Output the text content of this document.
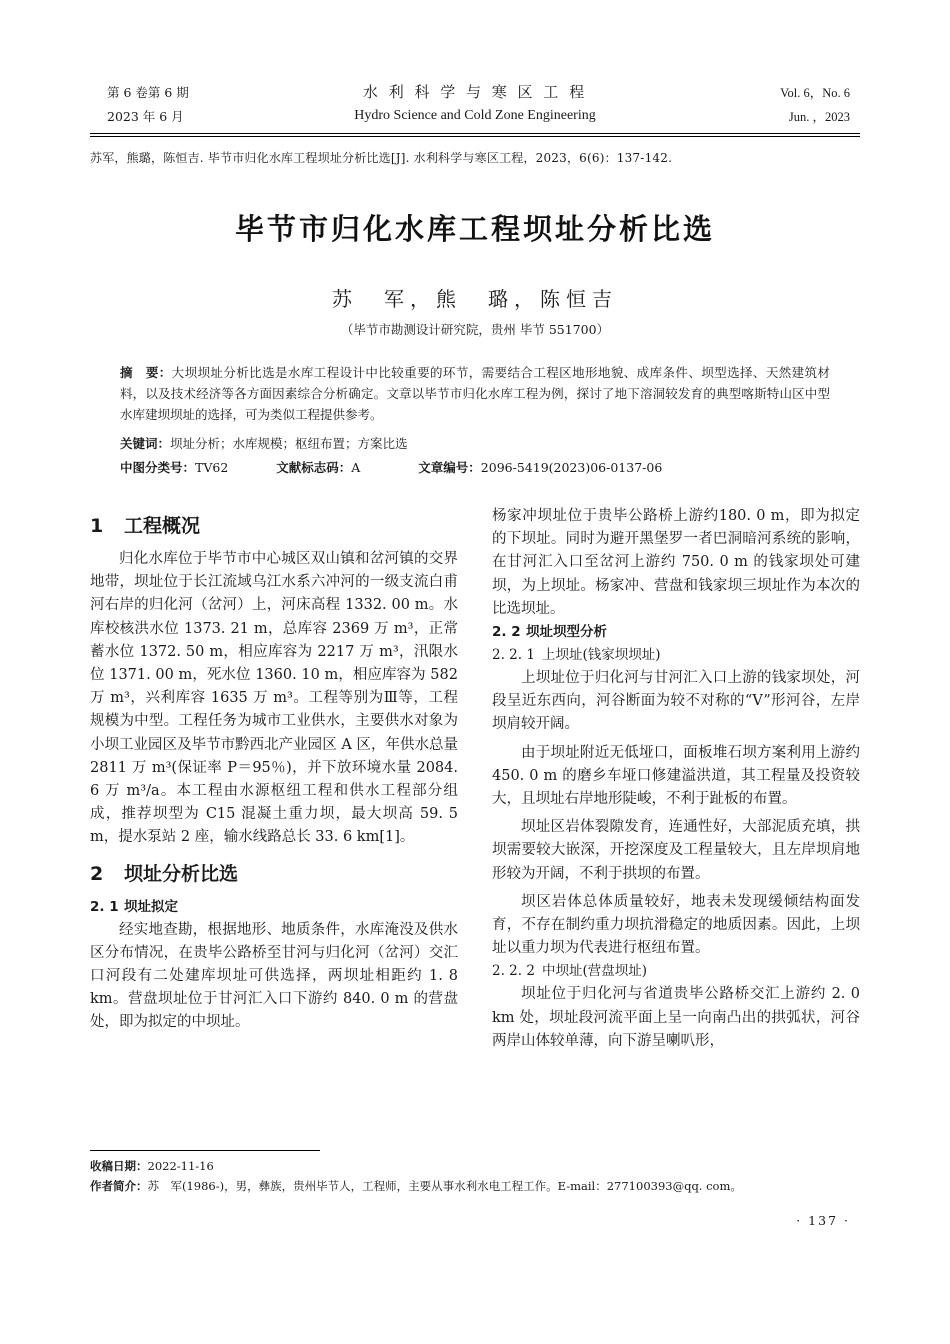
第 6 卷第 6 期
2023 年 6 月
水 利 科 学 与 寒 区 工 程
Hydro Science and Cold Zone Engineering
Vol. 6，No. 6
Jun. ，2023
苏军，熊璐，陈恒吉. 毕节市归化水库工程坝址分析比选[J]. 水利科学与寒区工程，2023，6(6)：137-142.
毕节市归化水库工程坝址分析比选
苏　军，熊　璐，陈恒吉
（毕节市勘测设计研究院，贵州 毕节 551700）
摘　要：大坝坝址分析比选是水库工程设计中比较重要的环节，需要结合工程区地形地貌、成库条件、坝型选择、天然建筑材料，以及技术经济等各方面因素综合分析确定。文章以毕节市归化水库工程为例，探讨了地下溶洞较发育的典型喀斯特山区中型水库建坝坝址的选择，可为类似工程提供参考。
关键词：坝址分析；水库规模；枢纽布置；方案比选
中图分类号：TV62	文献标志码：A	文章编号：2096-5419(2023)06-0137-06
1 工程概况

归化水库位于毕节市中心城区双山镇和岔河镇的交界地带，坝址位于长江流域乌江水系六冲河的一级支流白甫河右岸的归化河（岔河）上，河床高程 1332. 00 m。水库校核洪水位 1373. 21 m，总库容 2369 万 m³，正常蓄水位 1372. 50 m，相应库容为 2217 万 m³，汛限水位 1371. 00 m，死水位 1360. 10 m，相应库容为 582 万 m³，兴利库容 1635 万 m³。工程等别为Ⅲ等，工程规模为中型。工程任务为城市工业供水，主要供水对象为小坝工业园区及毕节市黔西北产业园区 A 区，年供水总量 2811 万 m³(保证率 P＝95％)，并下放环境水量 2084. 6 万 m³/a。本工程由水源枢纽工程和供水工程部分组成，推荐坝型为 C15 混凝土重力坝，最大坝高 59. 5 m，提水泵站 2 座，输水线路总长 33. 6 km[1]。

2 坝址分析比选
2. 1 坝址拟定

经实地查勘，根据地形、地质条件，水库淹没及供水区分布情况，在贵毕公路桥至甘河与归化河（岔河）交汇口河段有二处建库坝址可供选择，两坝址相距约 1. 8 km。营盘坝址位于甘河汇入口下游约 840. 0 m 的营盘处，即为拟定的中坝址。

杨家冲坝址位于贵毕公路桥上游约180. 0 m，即为拟定的下坝址。同时为避开黑堡罗一者巴洞暗河系统的影响，在甘河汇入口至岔河上游约 750. 0 m 的钱家坝处可建坝，为上坝址。杨家冲、营盘和钱家坝三坝址作为本次的比选坝址。

2. 2 坝址坝型分析
2. 2. 1 上坝址(钱家坝坝址)

上坝址位于归化河与甘河汇入口上游的钱家坝处，河段呈近东西向，河谷断面为较不对称的“V”形河谷，左岸坝肩较开阔。

由于坝址附近无低垭口，面板堆石坝方案利用上游约 450. 0 m 的磨乡车垭口修建溢洪道，其工程量及投资较大，且坝址右岸地形陡峻，不利于趾板的布置。

坝址区岩体裂隙发育，连通性好，大部泥质充填，拱坝需要较大嵌深，开挖深度及工程量较大，且左岸坝肩地形较为开阔，不利于拱坝的布置。

坝区岩体总体质量较好，地表未发现缓倾结构面发育，不存在制约重力坝抗滑稳定的地质因素。因此，上坝址以重力坝为代表进行枢纽布置。

2. 2. 2 中坝址(营盘坝址)

坝址位于归化河与省道贵毕公路桥交汇上游约 2. 0 km 处，坝址段河流平面上呈一向南凸出的拱弧状，河谷两岸山体较单薄，向下游呈喇叭形，

收稿日期：2022-11-16
作者简介：苏　军(1986-)，男，彝族，贵州毕节人，工程师，主要从事水利水电工程工作。E-mail：277100393@qq. com。
· 137 ·
